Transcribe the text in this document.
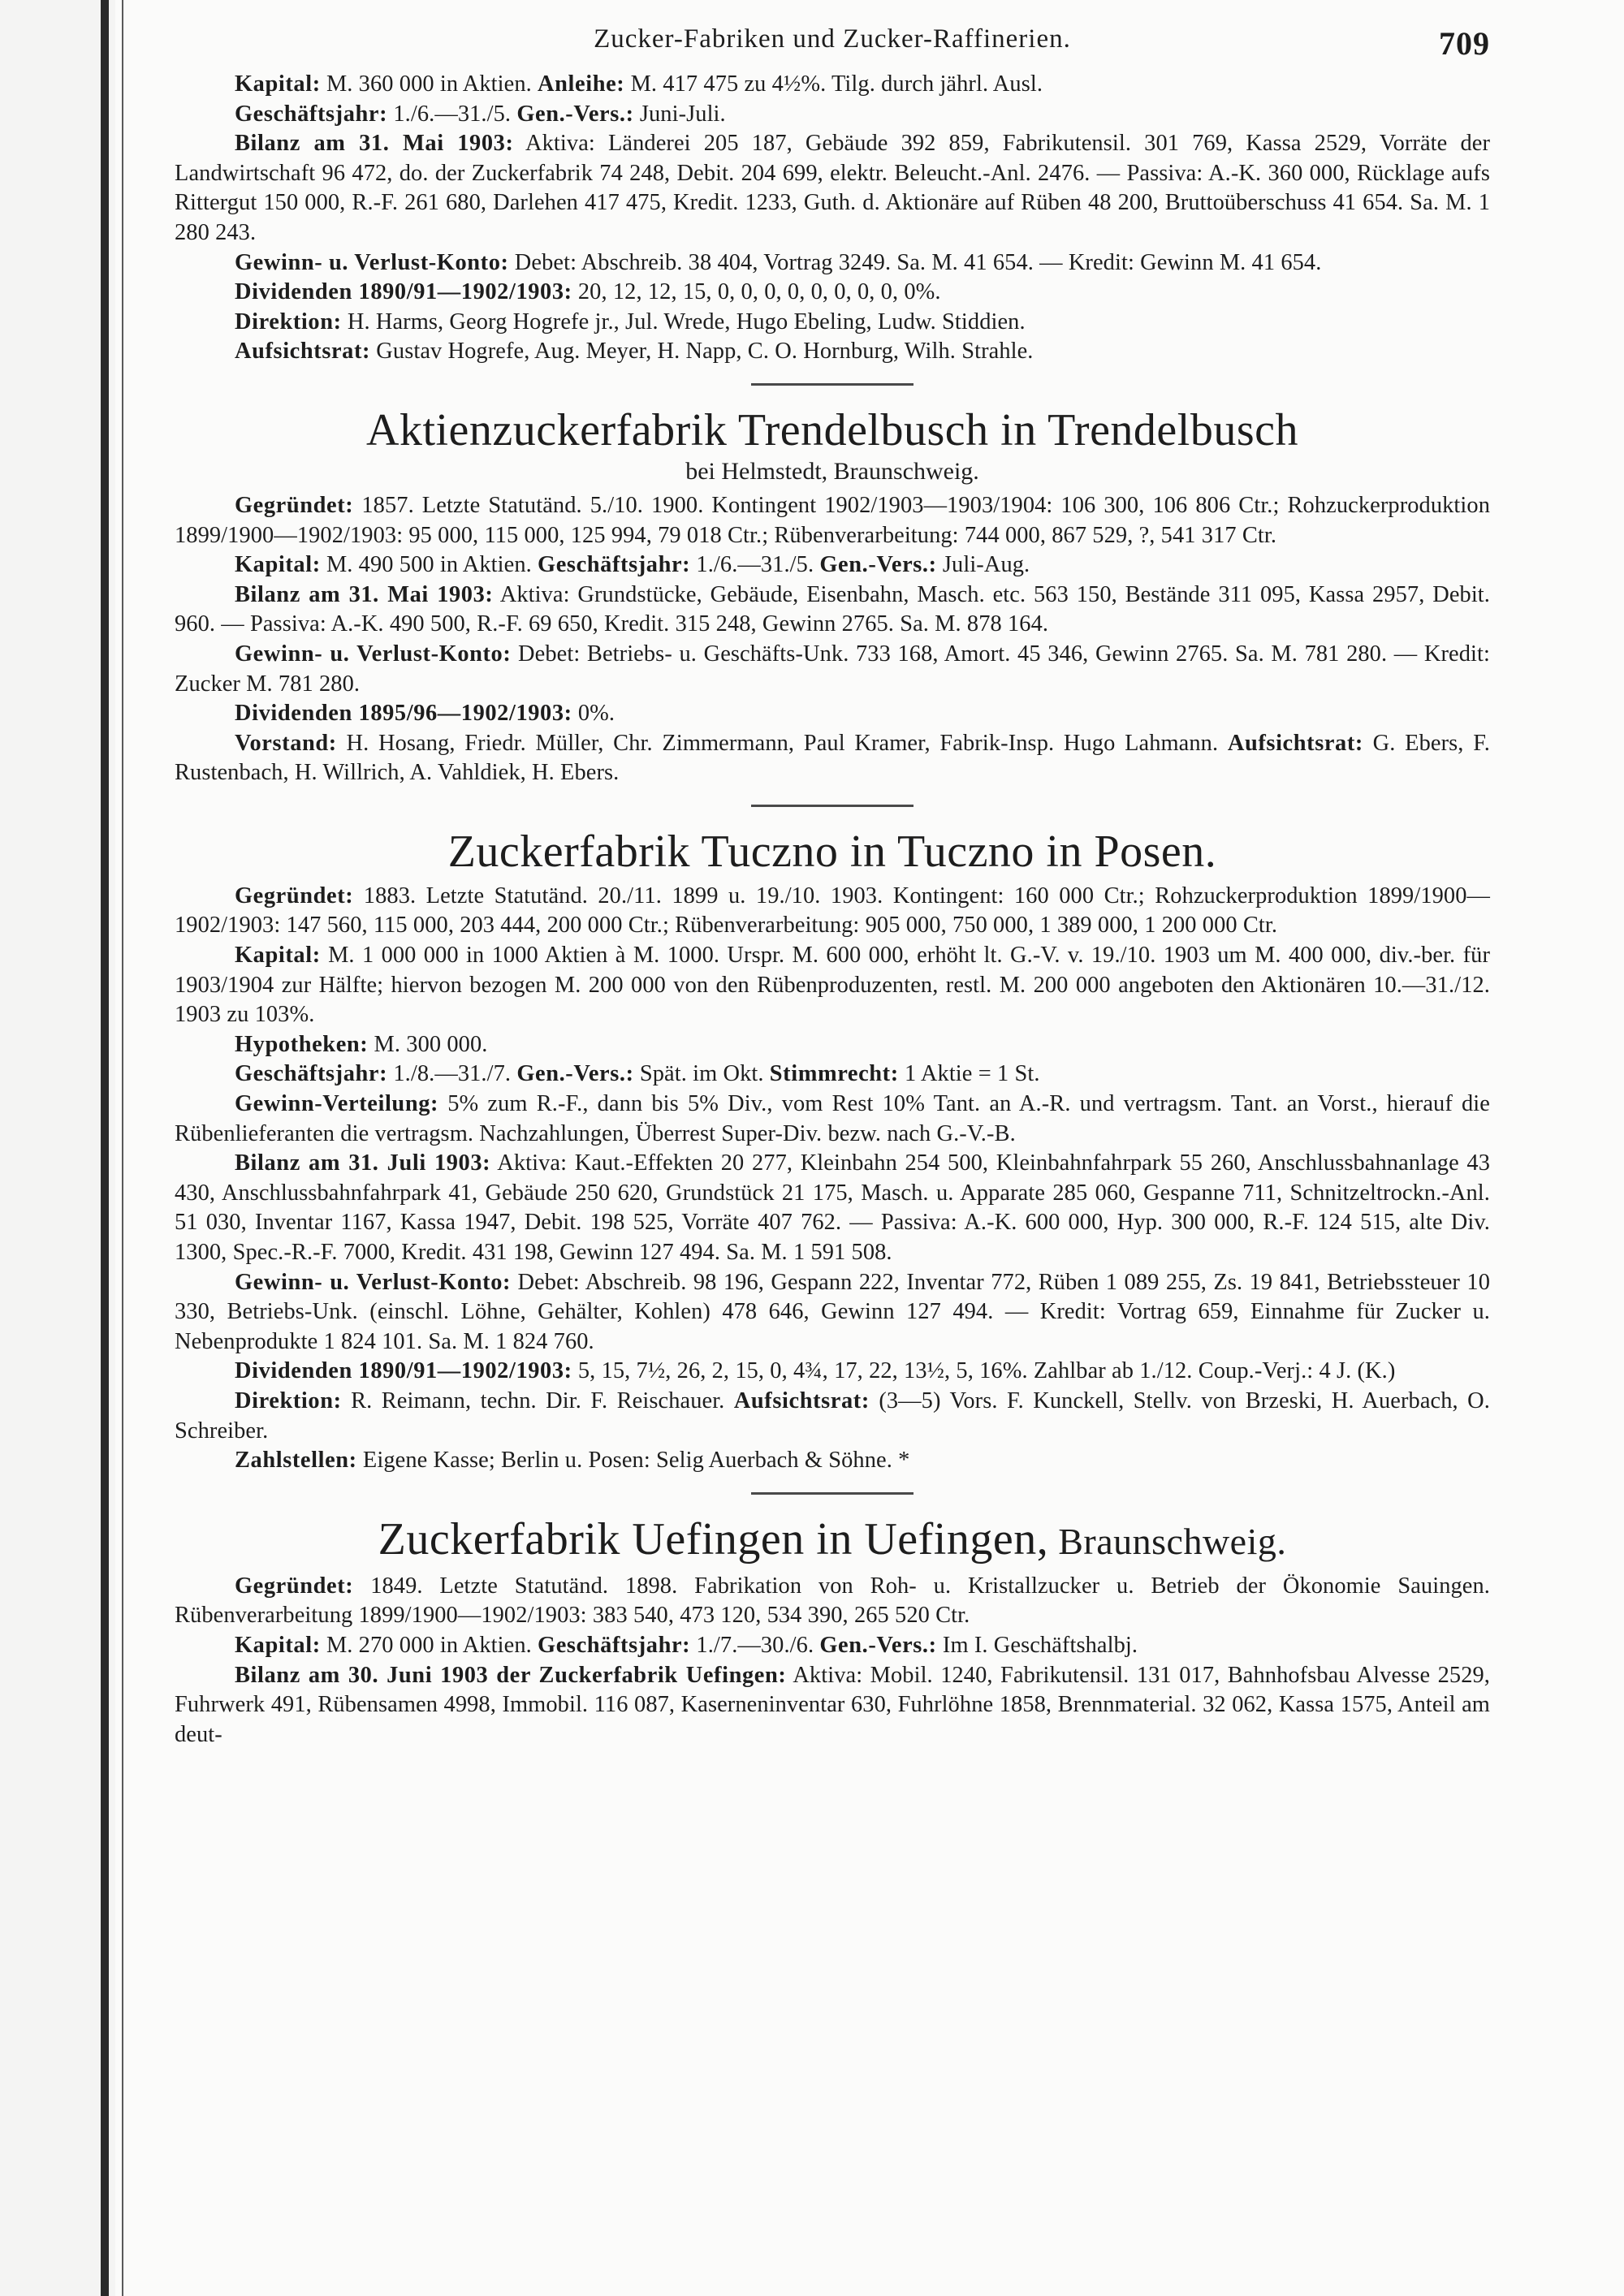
Zucker-Fabriken und Zucker-Raffinerien.	709

Kapital: M. 360 000 in Aktien. Anleihe: M. 417 475 zu 4½%. Tilg. durch jährl. Ausl.

Geschäftsjahr: 1./6.—31./5. Gen.-Vers.: Juni-Juli.

Bilanz am 31. Mai 1903: Aktiva: Länderei 205 187, Gebäude 392 859, Fabrikutensil. 301 769, Kassa 2529, Vorräte der Landwirtschaft 96 472, do. der Zuckerfabrik 74 248, Debit. 204 699, elektr. Beleucht.-Anl. 2476. — Passiva: A.-K. 360 000, Rücklage aufs Rittergut 150 000, R.-F. 261 680, Darlehen 417 475, Kredit. 1233, Guth. d. Aktionäre auf Rüben 48 200, Bruttoüberschuss 41 654. Sa. M. 1 280 243.

Gewinn- u. Verlust-Konto: Debet: Abschreib. 38 404, Vortrag 3249. Sa. M. 41 654. — Kredit: Gewinn M. 41 654.

Dividenden 1890/91—1902/1903: 20, 12, 12, 15, 0, 0, 0, 0, 0, 0, 0, 0, 0%.

Direktion: H. Harms, Georg Hogrefe jr., Jul. Wrede, Hugo Ebeling, Ludw. Stiddien.

Aufsichtsrat: Gustav Hogrefe, Aug. Meyer, H. Napp, C. O. Hornburg, Wilh. Strahle.

Aktienzuckerfabrik Trendelbusch in Trendelbusch
bei Helmstedt, Braunschweig.

Gegründet: 1857. Letzte Statutänd. 5./10. 1900. Kontingent 1902/1903—1903/1904: 106 300, 106 806 Ctr.; Rohzuckerproduktion 1899/1900—1902/1903: 95 000, 115 000, 125 994, 79 018 Ctr.; Rübenverarbeitung: 744 000, 867 529, ?, 541 317 Ctr.

Kapital: M. 490 500 in Aktien. Geschäftsjahr: 1./6.—31./5. Gen.-Vers.: Juli-Aug.

Bilanz am 31. Mai 1903: Aktiva: Grundstücke, Gebäude, Eisenbahn, Masch. etc. 563 150, Bestände 311 095, Kassa 2957, Debit. 960. — Passiva: A.-K. 490 500, R.-F. 69 650, Kredit. 315 248, Gewinn 2765. Sa. M. 878 164.

Gewinn- u. Verlust-Konto: Debet: Betriebs- u. Geschäfts-Unk. 733 168, Amort. 45 346, Gewinn 2765. Sa. M. 781 280. — Kredit: Zucker M. 781 280.

Dividenden 1895/96—1902/1903: 0%.

Vorstand: H. Hosang, Friedr. Müller, Chr. Zimmermann, Paul Kramer, Fabrik-Insp. Hugo Lahmann. Aufsichtsrat: G. Ebers, F. Rustenbach, H. Willrich, A. Vahldiek, H. Ebers.

Zuckerfabrik Tuczno in Tuczno in Posen.

Gegründet: 1883. Letzte Statutänd. 20./11. 1899 u. 19./10. 1903. Kontingent: 160 000 Ctr.; Rohzuckerproduktion 1899/1900—1902/1903: 147 560, 115 000, 203 444, 200 000 Ctr.; Rübenverarbeitung: 905 000, 750 000, 1 389 000, 1 200 000 Ctr.

Kapital: M. 1 000 000 in 1000 Aktien à M. 1000. Urspr. M. 600 000, erhöht lt. G.-V. v. 19./10. 1903 um M. 400 000, div.-ber. für 1903/1904 zur Hälfte; hiervon bezogen M. 200 000 von den Rübenproduzenten, restl. M. 200 000 angeboten den Aktionären 10.—31./12. 1903 zu 103%.

Hypotheken: M. 300 000.

Geschäftsjahr: 1./8.—31./7. Gen.-Vers.: Spät. im Okt. Stimmrecht: 1 Aktie = 1 St.

Gewinn-Verteilung: 5% zum R.-F., dann bis 5% Div., vom Rest 10% Tant. an A.-R. und vertragsm. Tant. an Vorst., hierauf die Rübenlieferanten die vertragsm. Nachzahlungen, Überrest Super-Div. bezw. nach G.-V.-B.

Bilanz am 31. Juli 1903: Aktiva: Kaut.-Effekten 20 277, Kleinbahn 254 500, Kleinbahnfahrpark 55 260, Anschlussbahnanlage 43 430, Anschlussbahnfahrpark 41, Gebäude 250 620, Grundstück 21 175, Masch. u. Apparate 285 060, Gespanne 711, Schnitzeltrockn.-Anl. 51 030, Inventar 1167, Kassa 1947, Debit. 198 525, Vorräte 407 762. — Passiva: A.-K. 600 000, Hyp. 300 000, R.-F. 124 515, alte Div. 1300, Spec.-R.-F. 7000, Kredit. 431 198, Gewinn 127 494. Sa. M. 1 591 508.

Gewinn- u. Verlust-Konto: Debet: Abschreib. 98 196, Gespann 222, Inventar 772, Rüben 1 089 255, Zs. 19 841, Betriebssteuer 10 330, Betriebs-Unk. (einschl. Löhne, Gehälter, Kohlen) 478 646, Gewinn 127 494. — Kredit: Vortrag 659, Einnahme für Zucker u. Nebenprodukte 1 824 101. Sa. M. 1 824 760.

Dividenden 1890/91—1902/1903: 5, 15, 7½, 26, 2, 15, 0, 4¾, 17, 22, 13½, 5, 16%. Zahlbar ab 1./12. Coup.-Verj.: 4 J. (K.)

Direktion: R. Reimann, techn. Dir. F. Reischauer. Aufsichtsrat: (3—5) Vors. F. Kunckell, Stellv. von Brzeski, H. Auerbach, O. Schreiber.

Zahlstellen: Eigene Kasse; Berlin u. Posen: Selig Auerbach & Söhne. *

Zuckerfabrik Uefingen in Uefingen, Braunschweig.

Gegründet: 1849. Letzte Statutänd. 1898. Fabrikation von Roh- u. Kristallzucker u. Betrieb der Ökonomie Sauingen. Rübenverarbeitung 1899/1900—1902/1903: 383 540, 473 120, 534 390, 265 520 Ctr.

Kapital: M. 270 000 in Aktien. Geschäftsjahr: 1./7.—30./6. Gen.-Vers.: Im I. Geschäftshalbj.

Bilanz am 30. Juni 1903 der Zuckerfabrik Uefingen: Aktiva: Mobil. 1240, Fabrikutensil. 131 017, Bahnhofsbau Alvesse 2529, Fuhrwerk 491, Rübensamen 4998, Immobil. 116 087, Kaserneninventar 630, Fuhrlöhne 1858, Brennmaterial. 32 062, Kassa 1575, Anteil am deut-
